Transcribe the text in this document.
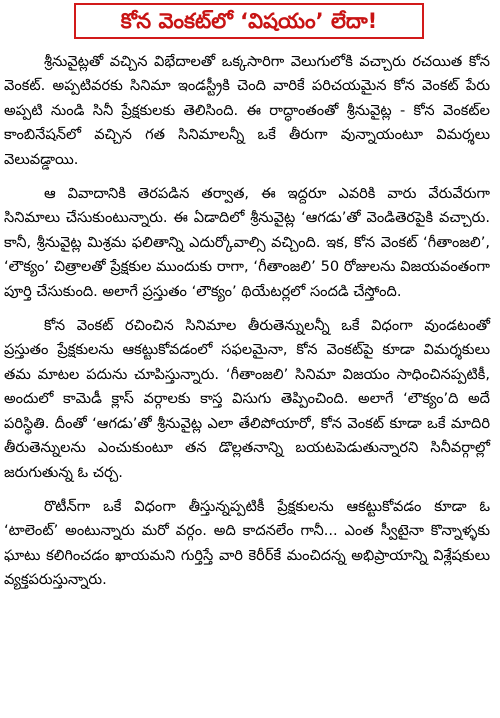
కోన వెంకట్‌లో ‘విషయం’ లేదా!

శ్రీనువైట్లతో వచ్చిన విభేదాలతో ఒక్కసారిగా వెలుగులోకి వచ్చారు రచయిత కోన వెంకట్. అప్పటివరకు సినిమా ఇండస్ట్రీకి చెంది వారికే పరిచయమైన కోన వెంకట్ పేరు అప్పటి నుండి సినీ ప్రేక్షకులకు తెలిసింది. ఈ రాద్ధాంతంతో శ్రీనువైట్ల - కోన వెంకట్‌ల కాంబినేషన్‌లో వచ్చిన గత సినిమాలన్నీ ఒకే తీరుగా వున్నాయంటూ విమర్శలు వెలువడ్డాయి.

ఆ వివాదానికి తెరపడిన తర్వాత, ఈ ఇద్దరూ ఎవరికి వారు వేరువేరుగా సినిమాలు చేసుకుంటున్నారు. ఈ ఏడాదిలో శ్రీనువైట్ల ‘ఆగడు’తో వెండితెరపైకి వచ్చారు. కానీ, శ్రీనువైట్ల మిశ్రమ ఫలితాన్ని ఎదుర్కోవాల్సి వచ్చింది. ఇక, కోన వెంకట్ ‘గీతాంజలి’, ‘లౌక్యం’ చిత్రాలతో ప్రేక్షకుల ముందుకు రాగా, ‘గీతాంజలి’ 50 రోజులను విజయవంతంగా పూర్తి చేసుకుంది. అలాగే ప్రస్తుతం ‘లౌక్యం’ థియేటర్లలో సందడి చేస్తోంది.

కోన వెంకట్ రచించిన సినిమాల తీరుతెన్నులన్నీ ఒకే విధంగా వుండటంతో ప్రస్తుతం ప్రేక్షకులను ఆకట్టుకోవడంలో సఫలమైనా, కోన వెంకట్‌పై కూడా విమర్శకులు తమ మాటల పదును చూపిస్తున్నారు. ‘గీతాంజలి’ సినిమా విజయం సాధించినప్పటికీ, అందులో కామెడీ క్లాస్ వర్గాలకు కాస్త విసుగు తెప్పించింది. అలాగే ‘లౌక్యం’ది అదే పరిస్థితి. దీంతో ‘ఆగడు’తో శ్రీనువైట్ల ఎలా తేలిపోయారో, కోన వెంకట్ కూడా ఒకే మాదిరి తీరుతెన్నులను ఎంచుకుంటూ తన డొల్లతనాన్ని బయటపెడుతున్నారని సినీవర్గాల్లో జరుగుతున్న ఓ చర్చ.

రొటీన్‌గా ఒకే విధంగా తీస్తున్నప్పటికీ ప్రేక్షకులను ఆకట్టుకోవడం కూడా ఓ ‘టాలెంట్’ అంటున్నారు మరో వర్గం. అది కాదనలేం గానీ... ఎంత స్వీటైనా కొన్నాళ్ళకు ఘాటు కలిగించడం ఖాయమని గుర్తిస్తే వారి కెరీర్‌కే మంచిదన్న అభిప్రాయాన్ని విశ్లేషకులు వ్యక్తపరుస్తున్నారు.
